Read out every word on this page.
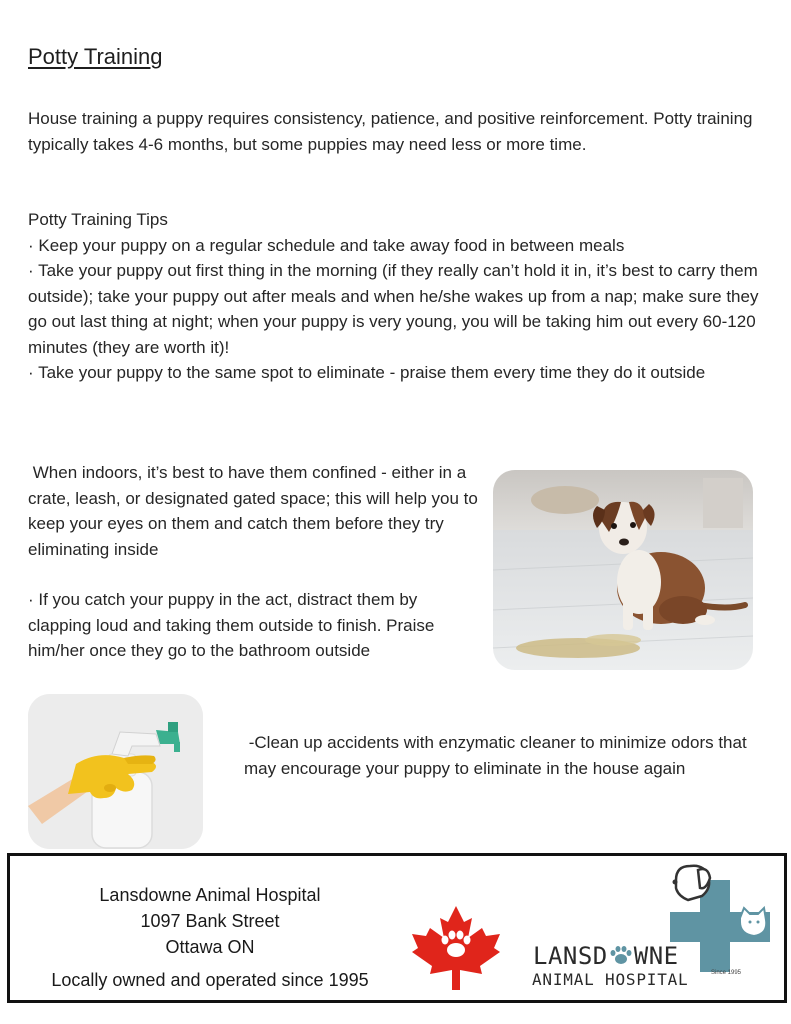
Potty Training
House training a puppy requires consistency, patience, and positive reinforcement. Potty training typically takes 4-6 months, but some puppies may need less or more time.

Potty Training Tips

· Keep your puppy on a regular schedule and take away food in between meals

· Take your puppy out first thing in the morning (if they really can’t hold it in, it’s best to carry them outside); take your puppy out after meals and when he/she wakes up from a nap; make sure they go out last thing at night; when your puppy is very young, you will be taking him out every 60-120 minutes (they are worth it)!

· Take your puppy to the same spot to eliminate - praise them every time they do it outside

When indoors, it’s best to have them confined - either in a crate, leash, or designated gated space; this will help you to keep your eyes on them and catch them before they try eliminating inside
· If you catch your puppy in the act, distract them by clapping loud and taking them outside to finish. Praise him/her once they go to the bathroom outside
-Clean up accidents with enzymatic cleaner to minimize odors that may encourage your puppy to eliminate in the house again
Lansdowne Animal Hospital
1097 Bank Street
Ottawa ON
Locally owned and operated since 1995
LANSD WNE
ANIMAL HOSPITAL	Since 1995
